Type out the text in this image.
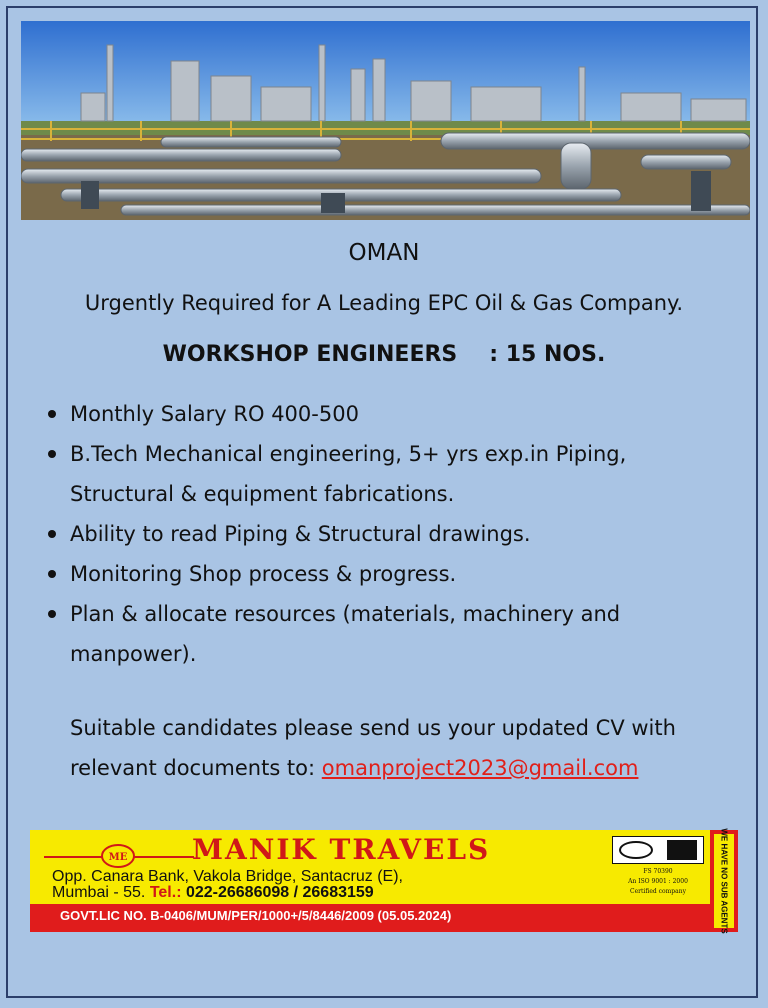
OMAN
Urgently Required for A Leading EPC Oil & Gas Company.
WORKSHOP ENGINEERS : 15 NOS.
Monthly Salary RO 400-500
B.Tech Mechanical engineering, 5+ yrs exp.in Piping, Structural & equipment fabrications.
Ability to read Piping & Structural drawings.
Monitoring Shop process & progress.
Plan & allocate resources (materials, machinery and manpower).
Suitable candidates please send us your updated CV with relevant documents to: omanproject2023@gmail.com
ME MANIK TRAVELS
Opp. Canara Bank, Vakola Bridge, Santacruz (E),
Mumbai - 55. Tel.: 022-26686098 / 26683159
FS 70390
An ISO 9001 : 2000
Certified company
GOVT.LIC NO. B-0406/MUM/PER/1000+/5/8446/2009 (05.05.2024)	WE HAVE NO SUB AGENTS
